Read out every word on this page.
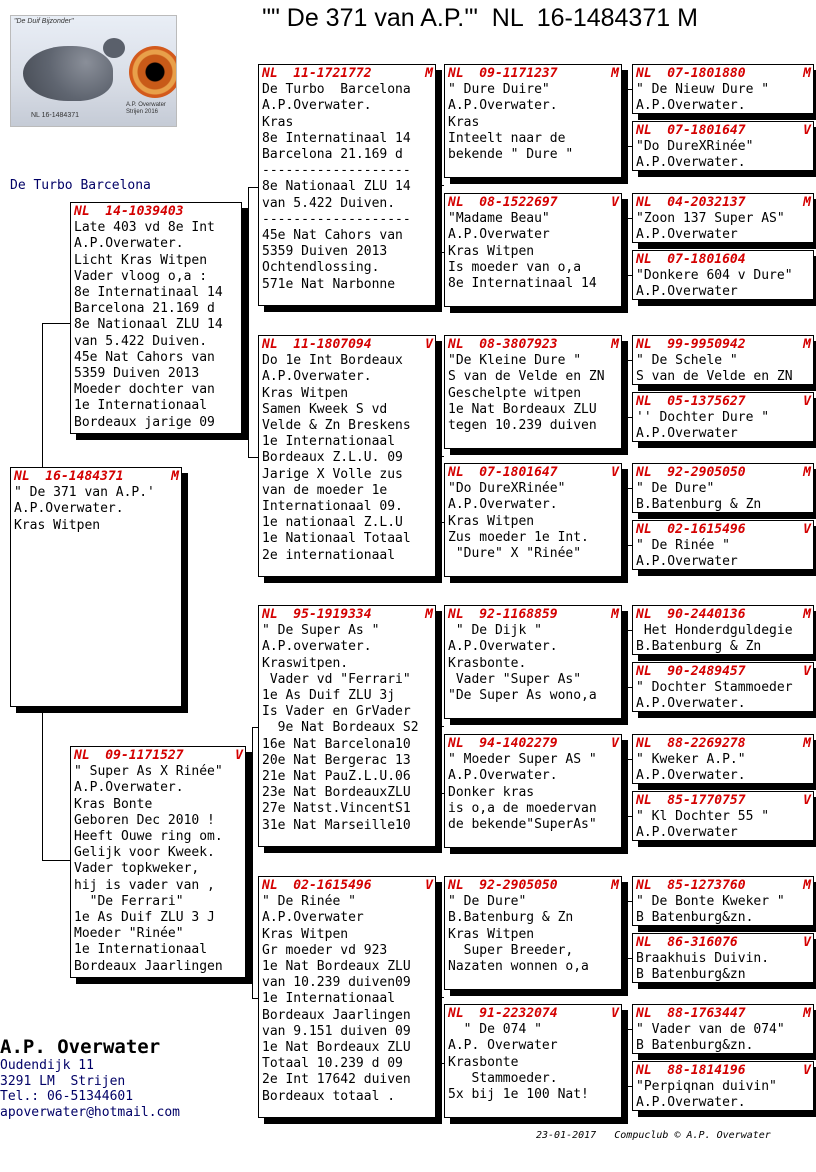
"" De 371 van A.P.'"  NL  16-1484371 M
"De Duif Bijzonder"
NL 16-1484371
A.P. Overwater Strijen 2016
De Turbo Barcelona
NL  16-1484371	M
" De 371 van A.P.'
A.P.Overwater.
Kras Witpen
NL  14-1039403
Late 403 vd 8e Int
A.P.Overwater.
Licht Kras Witpen
Vader vloog o,a :
8e Internatinaal 14
Barcelona 21.169 d
8e Nationaal ZLU 14
van 5.422 Duiven.
45e Nat Cahors van
5359 Duiven 2013
Moeder dochter van
1e Internationaal
Bordeaux jarige 09
NL  09-1171527	V
" Super As X Rinée"
A.P.Overwater.
Kras Bonte
Geboren Dec 2010 !
Heeft Ouwe ring om.
Gelijk voor Kweek.
Vader topkweker,
hij is vader van ,
"De Ferrari"
1e As Duif ZLU 3 J
Moeder "Rinée"
1e Internationaal
Bordeaux Jaarlingen
NL  11-1721772	M
De Turbo  Barcelona
A.P.Overwater.
Kras
8e Internatinaal 14
Barcelona 21.169 d
-------------------
8e Nationaal ZLU 14
van 5.422 Duiven.
-------------------
45e Nat Cahors van
5359 Duiven 2013
Ochtendlossing.
571e Nat Narbonne
NL  11-1807094	V
Do 1e Int Bordeaux
A.P.Overwater.
Kras Witpen
Samen Kweek S vd
Velde & Zn Breskens
1e Internationaal
Bordeaux Z.L.U. 09
Jarige X Volle zus
van de moeder 1e
Internationaal 09.
1e nationaal Z.L.U
1e Nationaal Totaal
2e internationaal
NL  95-1919334	M
" De Super As "
A.P.overwater.
Kraswitpen.
Vader vd "Ferrari"
1e As Duif ZLU 3j
Is Vader en GrVader
9e Nat Bordeaux S2
16e Nat Barcelona10
20e Nat Bergerac 13
21e Nat PauZ.L.U.06
23e Nat BordeauxZLU
27e Natst.VincentS1
31e Nat Marseille10
NL  02-1615496	V
" De Rinée "
A.P.Overwater
Kras Witpen
Gr moeder vd 923
1e Nat Bordeaux ZLU
van 10.239 duiven09
1e Internationaal
Bordeaux Jaarlingen
van 9.151 duiven 09
1e Nat Bordeaux ZLU
Totaal 10.239 d 09
2e Int 17642 duiven
Bordeaux totaal .
NL  09-1171237	M
" Dure Duire"
A.P.Overwater.
Kras
Inteelt naar de
bekende " Dure "
NL  08-1522697	V
"Madame Beau"
A.P.Overwater
Kras Witpen
Is moeder van o,a
8e Internatinaal 14
NL  08-3807923	M
"De Kleine Dure "
S van de Velde en ZN
Geschelpte witpen
1e Nat Bordeaux ZLU
tegen 10.239 duiven
NL  07-1801647	V
"Do DureXRinée"
A.P.Overwater.
Kras Witpen
Zus moeder 1e Int.
"Dure" X "Rinée"
NL  92-1168859	M
" De Dijk "
A.P.Overwater.
Krasbonte.
Vader "Super As"
"De Super As wono,a
NL  94-1402279	V
" Moeder Super AS "
A.P.Overwater.
Donker kras
is o,a de moedervan
de bekende"SuperAs"
NL  92-2905050	M
" De Dure"
B.Batenburg & Zn
Kras Witpen
Super Breeder,
Nazaten wonnen o,a
NL  91-2232074	V
" De 074 "
A.P. Overwater
Krasbonte
Stammoeder.
5x bij 1e 100 Nat!
NL  07-1801880	M
" De Nieuw Dure "
A.P.Overwater.
NL  07-1801647	V
"Do DureXRinée"
A.P.Overwater.
NL  04-2032137	M
"Zoon 137 Super AS"
A.P.Overwater
NL  07-1801604
"Donkere 604 v Dure"
A.P.Overwater
NL  99-9950942	M
" De Schele "
S van de Velde en ZN
NL  05-1375627	V
'' Dochter Dure "
A.P.Overwater
NL  92-2905050	M
" De Dure"
B.Batenburg & Zn
NL  02-1615496	V
" De Rinée "
A.P.Overwater
NL  90-2440136	M
Het Honderdguldegie
B.Batenburg & Zn
NL  90-2489457	V
" Dochter Stammoeder
A.P.Overwater.
NL  88-2269278	M
" Kweker A.P."
A.P.Overwater.
NL  85-1770757	V
" Kl Dochter 55 "
A.P.Overwater
NL  85-1273760	M
" De Bonte Kweker "
B Batenburg&zn.
NL  86-316076	V
Braakhuis Duivin.
B Batenburg&zn
NL  88-1763447	M
" Vader van de 074"
B Batenburg&zn.
NL  88-1814196	V
"Perpiqnan duivin"
A.P.Overwater.
A.P. Overwater
Oudendijk 11
3291 LM  Strijen
Tel.: 06-51344601
apoverwater@hotmail.com
23-01-2017   Compuclub © A.P. Overwater
